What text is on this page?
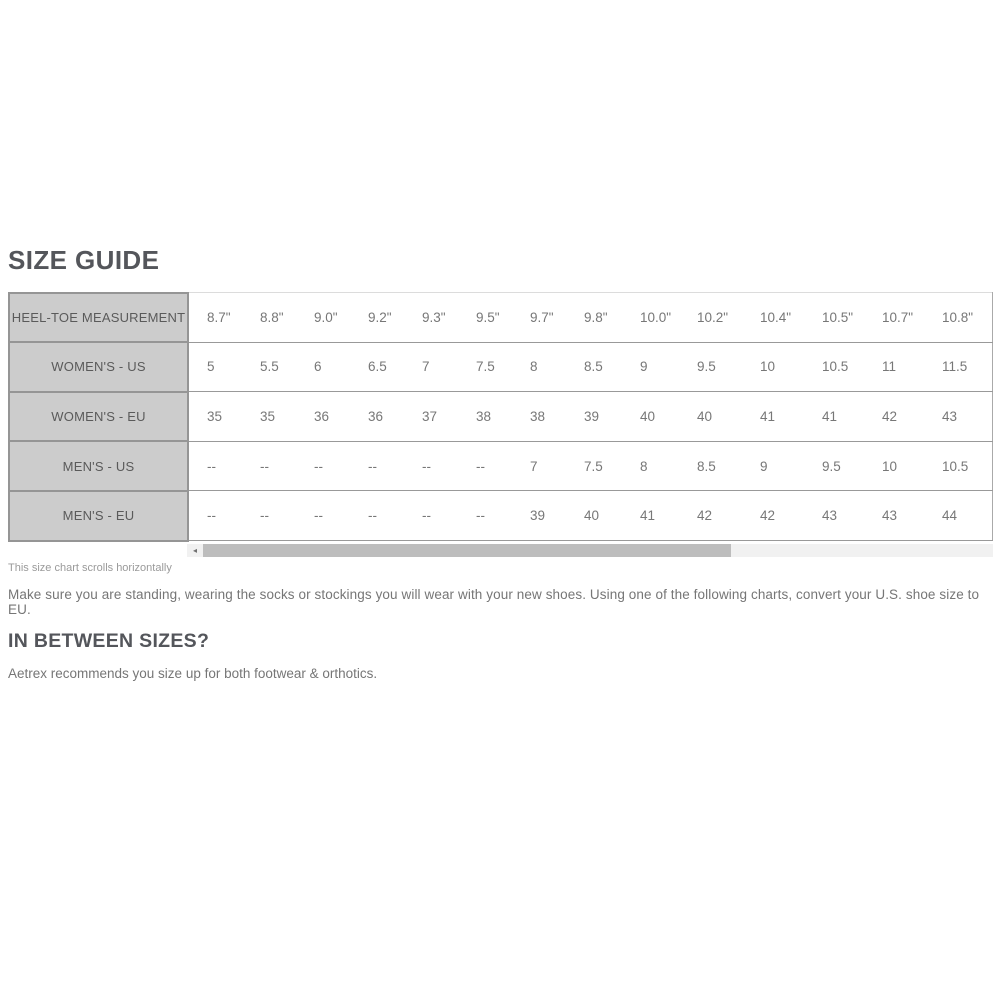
SIZE GUIDE
HEEL-TOE MEASUREMENT	8.7"	8.8"	9.0"	9.2"	9.3"	9.5"	9.7"	9.8"	10.0"	10.2"	10.4"	10.5"	10.7"	10.8"
WOMEN'S - US	5	5.5	6	6.5	7	7.5	8	8.5	9	9.5	10	10.5	11	11.5
WOMEN'S - EU	35	35	36	36	37	38	38	39	40	40	41	41	42	43
MEN'S - US	--	--	--	--	--	--	7	7.5	8	8.5	9	9.5	10	10.5
MEN'S - EU	--	--	--	--	--	--	39	40	41	42	42	43	43	44
◂
This size chart scrolls horizontally

Make sure you are standing, wearing the socks or stockings you will wear with your new shoes. Using one of the following charts, convert your U.S. shoe size to EU.

IN BETWEEN SIZES?

Aetrex recommends you size up for both footwear & orthotics.
